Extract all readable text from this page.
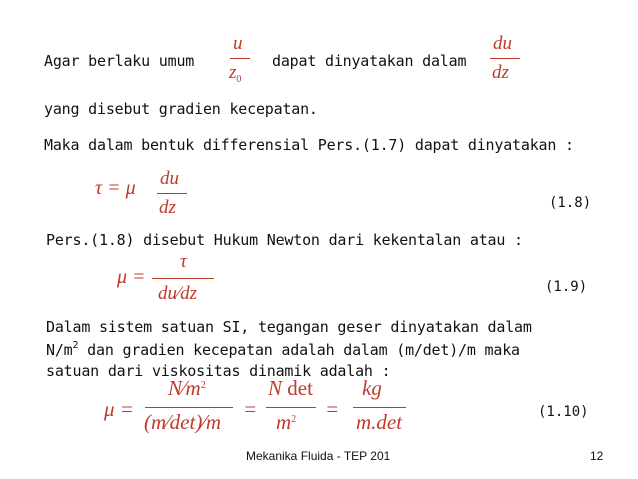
Agar berlaku umum
u
$z_0$
dapat dinyatakan dalam
du
dz
yang disebut gradien kecepatan.
Maka dalam bentuk differensial Pers.(1.7) dapat dinyatakan :
τ = μ du
dz	(1.8)
Pers.(1.8) disebut Hukum Newton dari kekentalan atau :
μ =
τ
du⁄dz	(1.9)
Dalam sistem satuan SI, tegangan geser dinyatakan dalam
$N/m^2$ dan gradien kecepatan adalah dalam (m/det)/m maka
satuan dari viskositas dinamik adalah :
μ =
$N⁄m^2$
(m⁄det)⁄m
=
N det
$m^2$ =
kg
m.det	(1.10)
Mekanika Fluida - TEP 201	12
